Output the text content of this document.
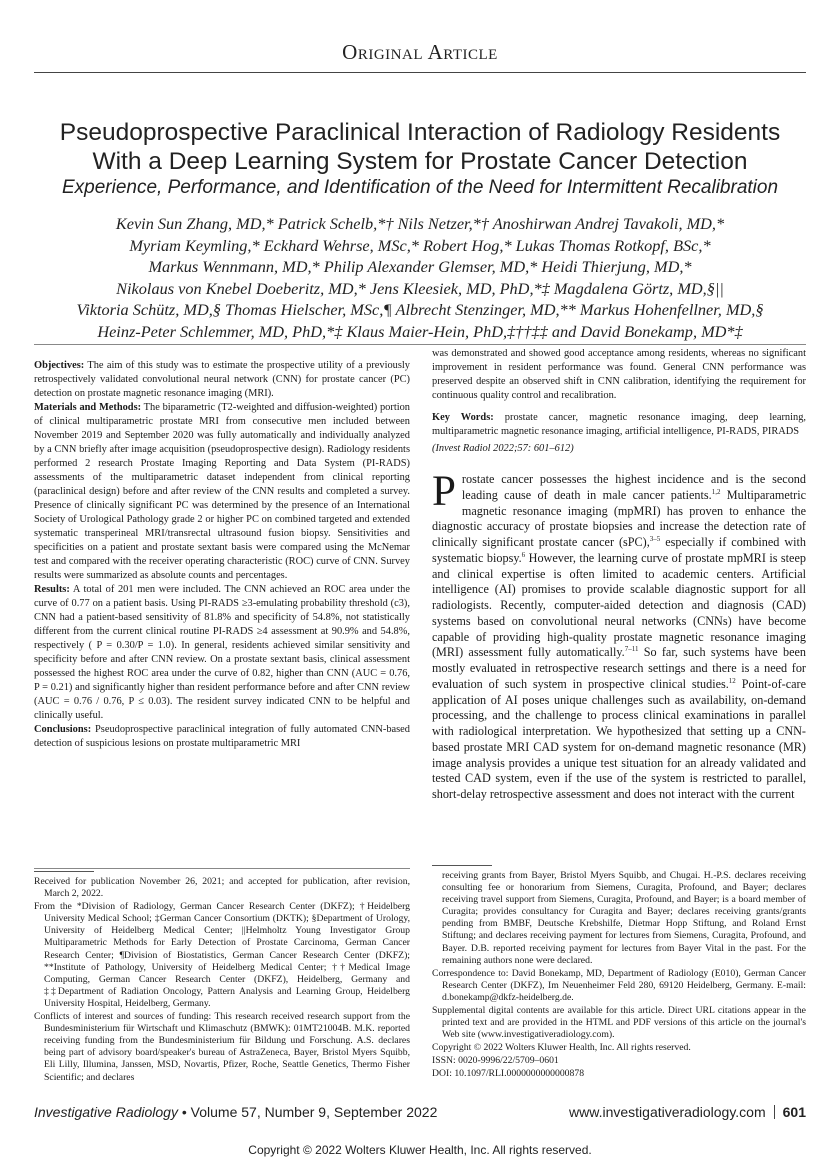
Original Article
Pseudoprospective Paraclinical Interaction of Radiology Residents
With a Deep Learning System for Prostate Cancer Detection
Experience, Performance, and Identification of the Need for Intermittent Recalibration
Kevin Sun Zhang, MD,* Patrick Schelb,*† Nils Netzer,*† Anoshirwan Andrej Tavakoli, MD,*
Myriam Keymling,* Eckhard Wehrse, MSc,* Robert Hog,* Lukas Thomas Rotkopf, BSc,*
Markus Wennmann, MD,* Philip Alexander Glemser, MD,* Heidi Thierjung, MD,*
Nikolaus von Knebel Doeberitz, MD,* Jens Kleesiek, MD, PhD,*‡ Magdalena Görtz, MD,§||
Viktoria Schütz, MD,§ Thomas Hielscher, MSc,¶ Albrecht Stenzinger, MD,** Markus Hohenfellner, MD,§
Heinz-Peter Schlemmer, MD, PhD,*‡ Klaus Maier-Hein, PhD,‡††‡‡ and David Bonekamp, MD*‡

Objectives: The aim of this study was to estimate the prospective utility of a previously retrospectively validated convolutional neural network (CNN) for prostate cancer (PC) detection on prostate magnetic resonance imaging (MRI).

Materials and Methods: The biparametric (T2-weighted and diffusion-weighted) portion of clinical multiparametric prostate MRI from consecutive men included between November 2019 and September 2020 was fully automatically and individually analyzed by a CNN briefly after image acquisition (pseudoprospective design). Radiology residents performed 2 research Prostate Imaging Reporting and Data System (PI-RADS) assessments of the multiparametric dataset independent from clinical reporting (paraclinical design) before and after review of the CNN results and completed a survey. Presence of clinically significant PC was determined by the presence of an International Society of Urological Pathology grade 2 or higher PC on combined targeted and extended systematic transperineal MRI/transrectal ultrasound fusion biopsy. Sensitivities and specificities on a patient and prostate sextant basis were compared using the McNemar test and compared with the receiver operating characteristic (ROC) curve of CNN. Survey results were summarized as absolute counts and percentages.

Results: A total of 201 men were included. The CNN achieved an ROC area under the curve of 0.77 on a patient basis. Using PI-RADS ≥3-emulating probability threshold (c3), CNN had a patient-based sensitivity of 81.8% and specificity of 54.8%, not statistically different from the current clinical routine PI-RADS ≥4 assessment at 90.9% and 54.8%, respectively ( P = 0.30/P = 1.0). In general, residents achieved similar sensitivity and specificity before and after CNN review. On a prostate sextant basis, clinical assessment possessed the highest ROC area under the curve of 0.82, higher than CNN (AUC = 0.76, P = 0.21) and significantly higher than resident performance before and after CNN review (AUC = 0.76 / 0.76, P ≤ 0.03). The resident survey indicated CNN to be helpful and clinically useful.

Conclusions: Pseudoprospective paraclinical integration of fully automated CNN-based detection of suspicious lesions on prostate multiparametric MRI

was demonstrated and showed good acceptance among residents, whereas no significant improvement in resident performance was found. General CNN performance was preserved despite an observed shift in CNN calibration, identifying the requirement for continuous quality control and recalibration.

Key Words: prostate cancer, magnetic resonance imaging, deep learning, multiparametric magnetic resonance imaging, artificial intelligence, PI-RADS, PIRADS

(Invest Radiol 2022;57: 601–612)

Prostate cancer possesses the highest incidence and is the second leading cause of death in male cancer patients.$^{1,2}$ Multiparametric magnetic resonance imaging (mpMRI) has proven to enhance the diagnostic accuracy of prostate biopsies and increase the detection rate of clinically significant prostate cancer (sPC),$^{3-5}$ especially if combined with systematic biopsy.$^6$ However, the learning curve of prostate mpMRI is steep and clinical expertise is often limited to academic centers. Artificial intelligence (AI) promises to provide scalable diagnostic support for all radiologists. Recently, computer-aided detection and diagnosis (CAD) systems based on convolutional neural networks (CNNs) have become capable of providing high-quality prostate magnetic resonance imaging (MRI) assessment fully automatically.$^{7-11}$ So far, such systems have been mostly evaluated in retrospective research settings and there is a need for evaluation of such system in prospective clinical studies.$^{12}$ Point-of-care application of AI poses unique challenges such as availability, on-demand processing, and the challenge to process clinical examinations in parallel with radiological interpretation. We hypothesized that setting up a CNN-based prostate MRI CAD system for on-demand magnetic resonance (MR) image analysis provides a unique test situation for an already validated and tested CAD system, even if the use of the system is restricted to parallel, short-delay retrospective assessment and does not interact with the current

Received for publication November 26, 2021; and accepted for publication, after revision, March 2, 2022.

From the *Division of Radiology, German Cancer Research Center (DKFZ); †Heidelberg University Medical School; ‡German Cancer Consortium (DKTK); §Department of Urology, University of Heidelberg Medical Center; ||Helmholtz Young Investigator Group Multiparametric Methods for Early Detection of Prostate Carcinoma, German Cancer Research Center; ¶Division of Biostatistics, German Cancer Research Center (DKFZ); **Institute of Pathology, University of Heidelberg Medical Center; ††Medical Image Computing, German Cancer Research Center (DKFZ), Heidelberg, Germany and ‡‡Department of Radiation Oncology, Pattern Analysis and Learning Group, Heidelberg University Hospital, Heidelberg, Germany.

Conflicts of interest and sources of funding: This research received research support from the Bundesministerium für Wirtschaft und Klimaschutz (BMWK): 01MT21004B. M.K. reported receiving funding from the Bundesministerium für Bildung und Forschung. A.S. declares being part of advisory board/speaker's bureau of AstraZeneca, Bayer, Bristol Myers Squibb, Eli Lilly, Illumina, Janssen, MSD, Novartis, Pfizer, Roche, Seattle Genetics, Thermo Fisher Scientific; and declares

receiving grants from Bayer, Bristol Myers Squibb, and Chugai. H.-P.S. declares receiving consulting fee or honorarium from Siemens, Curagita, Profound, and Bayer; declares receiving travel support from Siemens, Curagita, Profound, and Bayer; is a board member of Curagita; provides consultancy for Curagita and Bayer; declares receiving grants/grants pending from BMBF, Deutsche Krebshilfe, Dietmar Hopp Stiftung, and Roland Ernst Stiftung; and declares receiving payment for lectures from Siemens, Curagita, Profound, and Bayer. D.B. reported receiving payment for lectures from Bayer Vital in the past. For the remaining authors none were declared.

Correspondence to: David Bonekamp, MD, Department of Radiology (E010), German Cancer Research Center (DKFZ), Im Neuenheimer Feld 280, 69120 Heidelberg, Germany. E-mail: d.bonekamp@dkfz-heidelberg.de.

Supplemental digital contents are available for this article. Direct URL citations appear in the printed text and are provided in the HTML and PDF versions of this article on the journal's Web site (www.investigativeradiology.com).

Copyright © 2022 Wolters Kluwer Health, Inc. All rights reserved.

ISSN: 0020-9996/22/5709–0601

DOI: 10.1097/RLI.0000000000000878

Investigative Radiology • Volume 57, Number 9, September 2022	www.investigativeradiology.com 601
Copyright © 2022 Wolters Kluwer Health, Inc. All rights reserved.
